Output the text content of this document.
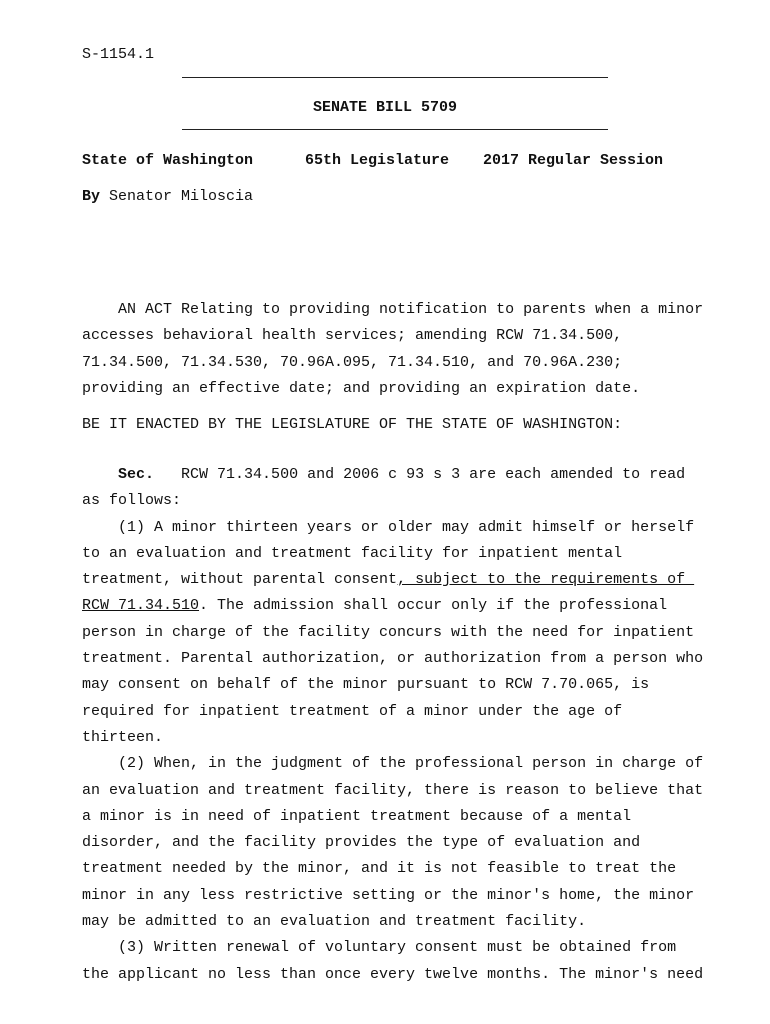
S-1154.1
SENATE BILL 5709
State of Washington	65th Legislature 2017 Regular Session
By Senator Miloscia
AN ACT Relating to providing notification to parents when a minor
accesses behavioral health services; amending RCW 71.34.500,
71.34.500, 71.34.530, 70.96A.095, 71.34.510, and 70.96A.230;
providing an effective date; and providing an expiration date.
BE IT ENACTED BY THE LEGISLATURE OF THE STATE OF WASHINGTON:
Sec. RCW 71.34.500 and 2006 c 93 s 3 are each amended to read
as follows:
(1) A minor thirteen years or older may admit himself or herself
to an evaluation and treatment facility for inpatient mental
treatment, without parental consent, subject to the requirements of
RCW 71.34.510. The admission shall occur only if the professional
person in charge of the facility concurs with the need for inpatient
treatment. Parental authorization, or authorization from a person who
may consent on behalf of the minor pursuant to RCW 7.70.065, is
required for inpatient treatment of a minor under the age of
thirteen.
(2) When, in the judgment of the professional person in charge of
an evaluation and treatment facility, there is reason to believe that
a minor is in need of inpatient treatment because of a mental
disorder, and the facility provides the type of evaluation and
treatment needed by the minor, and it is not feasible to treat the
minor in any less restrictive setting or the minor's home, the minor
may be admitted to an evaluation and treatment facility.
(3) Written renewal of voluntary consent must be obtained from
the applicant no less than once every twelve months. The minor's need
